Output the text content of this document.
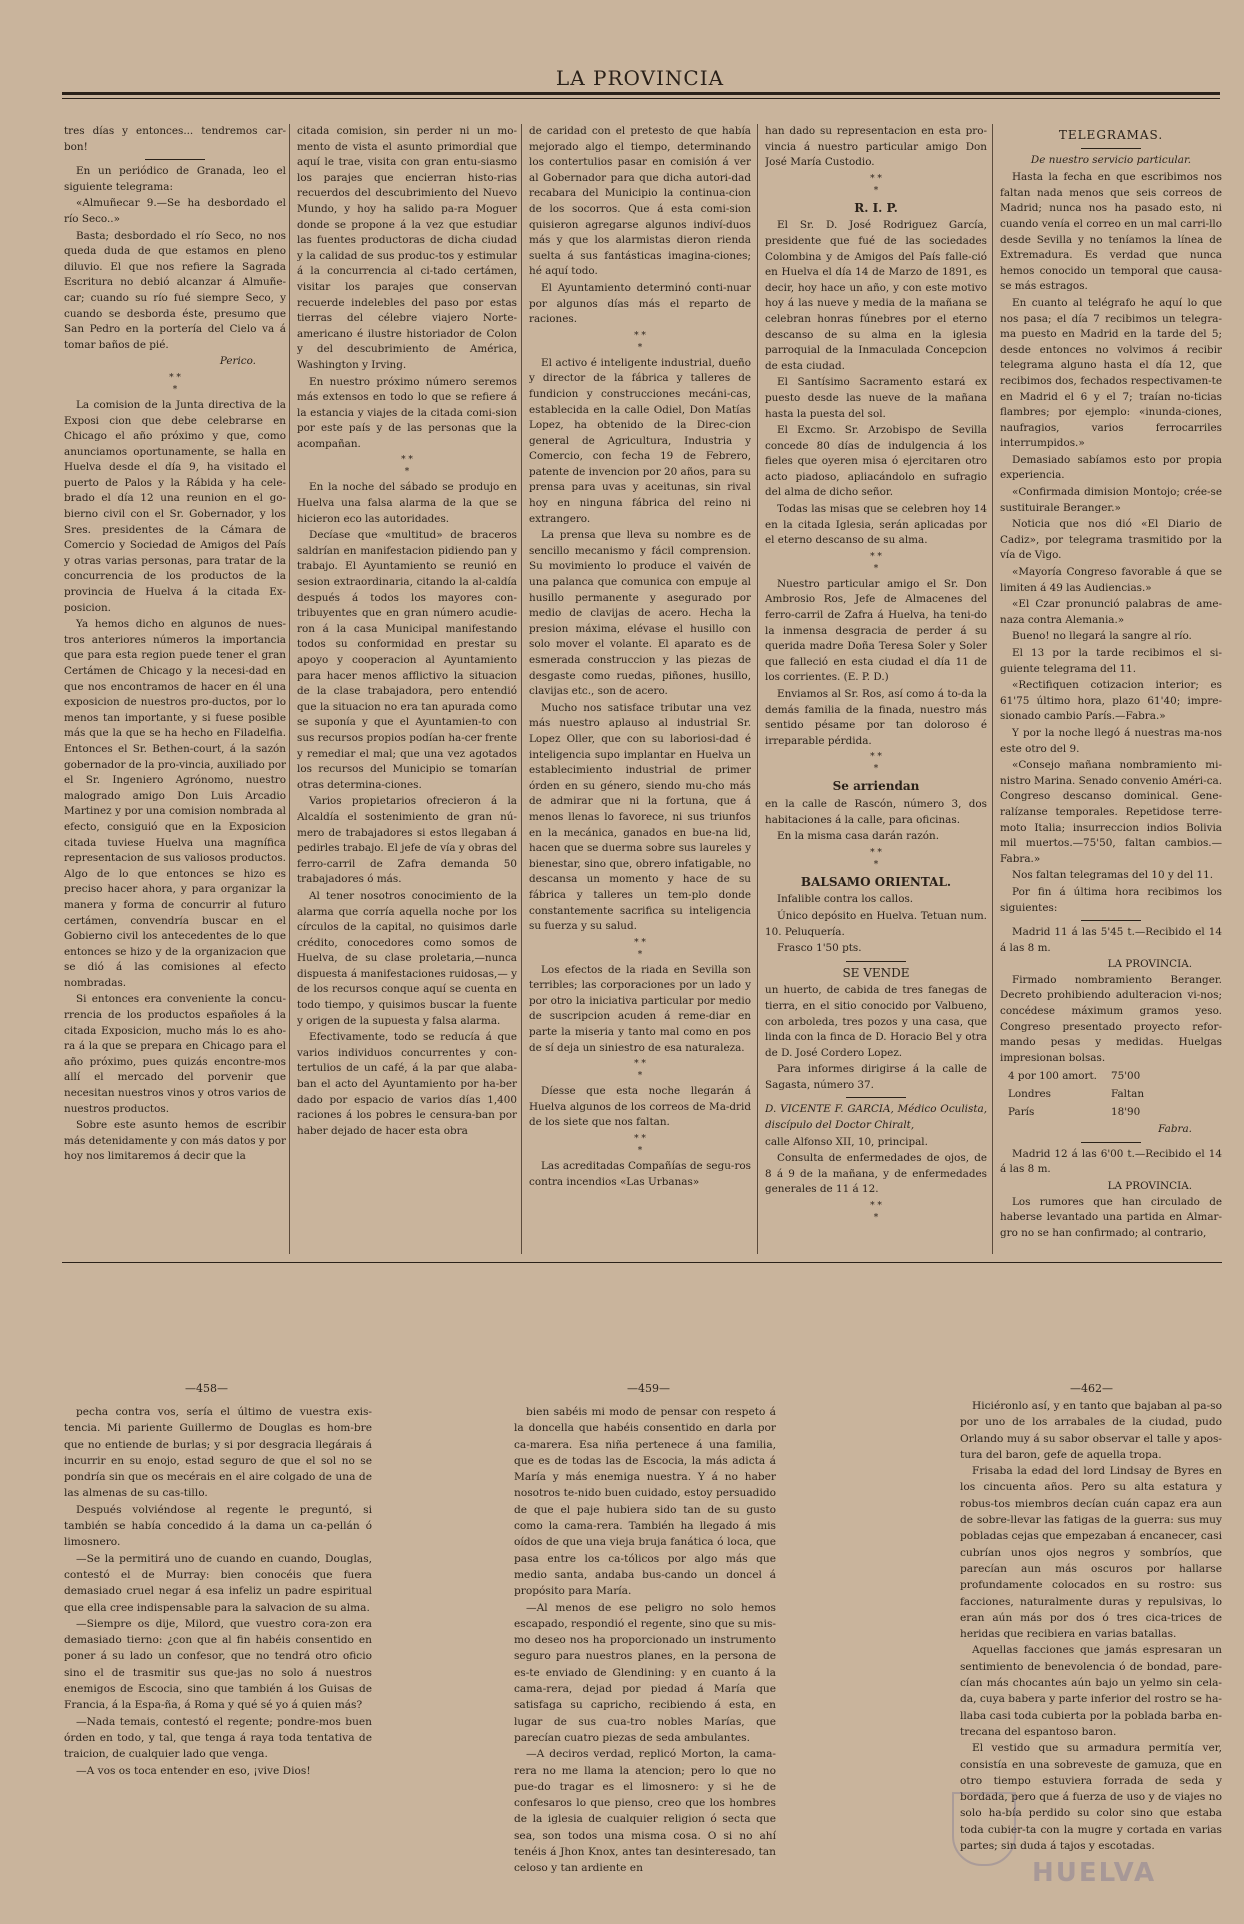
LA PROVINCIA

tres días y entonces... tendremos car-bon!

En un periódico de Granada, leo el siguiente telegrama:

«Almuñecar 9.—Se ha desbordado el río Seco..»

Basta; desbordado el río Seco, no nos queda duda de que estamos en pleno diluvio. El que nos refiere la Sagrada Escritura no debió alcanzar á Almuñe-car; cuando su río fué siempre Seco, y cuando se desborda éste, presumo que San Pedro en la portería del Cielo va á tomar baños de pié.

Perico.
* *
*

La comision de la Junta directiva de la Exposi cion que debe celebrarse en Chicago el año próximo y que, como anunciamos oportunamente, se halla en Huelva desde el día 9, ha visitado el puerto de Palos y la Rábida y ha cele-brado el día 12 una reunion en el go-bierno civil con el Sr. Gobernador, y los Sres. presidentes de la Cámara de Comercio y Sociedad de Amigos del País y otras varias personas, para tratar de la concurrencia de los productos de la provincia de Huelva á la citada Ex-posicion.

Ya hemos dicho en algunos de nues-tros anteriores números la importancia que para esta region puede tener el gran Certámen de Chicago y la necesi-dad en que nos encontramos de hacer en él una exposicion de nuestros pro-ductos, por lo menos tan importante, y si fuese posible más que la que se ha hecho en Filadelfia. Entonces el Sr. Bethen-court, á la sazón gobernador de la pro-vincia, auxiliado por el Sr. Ingeniero Agrónomo, nuestro malogrado amigo Don Luis Arcadio Martinez y por una comision nombrada al efecto, consiguió que en la Exposicion citada tuviese Huelva una magnífica representacion de sus valiosos productos. Algo de lo que entonces se hizo es preciso hacer ahora, y para organizar la manera y forma de concurrir al futuro certámen, convendría buscar en el Gobierno civil los antecedentes de lo que entonces se hizo y de la organizacion que se dió á las comisiones al efecto nombradas.

Si entonces era conveniente la concu-rrencia de los productos españoles á la citada Exposicion, mucho más lo es aho-ra á la que se prepara en Chicago para el año próximo, pues quizás encontre-mos allí el mercado del porvenir que necesitan nuestros vinos y otros varios de nuestros productos.

Sobre este asunto hemos de escribir más detenidamente y con más datos y por hoy nos limitaremos á decir que la

citada comision, sin perder ni un mo-mento de vista el asunto primordial que aquí le trae, visita con gran entu-siasmo los parajes que encierran histo-rias recuerdos del descubrimiento del Nuevo Mundo, y hoy ha salido pa-ra Moguer donde se propone á la vez que estudiar las fuentes productoras de dicha ciudad y la calidad de sus produc-tos y estimular á la concurrencia al ci-tado certámen, visitar los parajes que conservan recuerde indelebles del paso por estas tierras del célebre viajero Norte-americano é ilustre historiador de Colon y del descubrimiento de América, Washington y Irving.

En nuestro próximo número seremos más extensos en todo lo que se refiere á la estancia y viajes de la citada comi-sion por este país y de las personas que la acompañan.

* *
*

En la noche del sábado se produjo en Huelva una falsa alarma de la que se hicieron eco las autoridades.

Decíase que «multitud» de braceros saldrían en manifestacion pidiendo pan y trabajo. El Ayuntamiento se reunió en sesion extraordinaria, citando la al-caldía después á todos los mayores con-tribuyentes que en gran número acudie-ron á la casa Municipal manifestando todos su conformidad en prestar su apoyo y cooperacion al Ayuntamiento para hacer menos afflictivo la situacion de la clase trabajadora, pero entendió que la situacion no era tan apurada como se suponía y que el Ayuntamien-to con sus recursos propios podían ha-cer frente y remediar el mal; que una vez agotados los recursos del Municipio se tomarían otras determina-ciones.

Varios propietarios ofrecieron á la Alcaldía el sostenimiento de gran nú-mero de trabajadores si estos llegaban á pedirles trabajo. El jefe de vía y obras del ferro-carril de Zafra demanda 50 trabajadores ó más.

Al tener nosotros conocimiento de la alarma que corría aquella noche por los círculos de la capital, no quisimos darle crédito, conocedores como somos de Huelva, de su clase proletaria,—nunca dispuesta á manifestaciones ruidosas,— y de los recursos conque aquí se cuenta en todo tiempo, y quisimos buscar la fuente y origen de la supuesta y falsa alarma.

Efectivamente, todo se reducía á que varios individuos concurrentes y con-tertulios de un café, á la par que alaba-ban el acto del Ayuntamiento por ha-ber dado por espacio de varios días 1,400 raciones á los pobres le censura-ban por haber dejado de hacer esta obra

de caridad con el pretesto de que había mejorado algo el tiempo, determinando los contertulios pasar en comisión á ver al Gobernador para que dicha autori-dad recabara del Municipio la continua-cion de los socorros. Que á esta comi-sion quisieron agregarse algunos indiví-duos más y que los alarmistas dieron rienda suelta á sus fantásticas imagina-ciones; hé aquí todo.

El Ayuntamiento determinó conti-nuar por algunos días más el reparto de raciones.

* *
*

El activo é inteligente industrial, dueño y director de la fábrica y talleres de fundicion y construcciones mecáni-cas, establecida en la calle Odiel, Don Matías Lopez, ha obtenido de la Direc-cion general de Agricultura, Industria y Comercio, con fecha 19 de Febrero, patente de invencion por 20 años, para su prensa para uvas y aceitunas, sin rival hoy en ninguna fábrica del reino ni extrangero.

La prensa que lleva su nombre es de sencillo mecanismo y fácil comprension. Su movimiento lo produce el vaivén de una palanca que comunica con empuje al husillo permanente y asegurado por medio de clavijas de acero. Hecha la presion máxima, elévase el husillo con solo mover el volante. El aparato es de esmerada construccion y las piezas de desgaste como ruedas, piñones, husillo, clavijas etc., son de acero.

Mucho nos satisface tributar una vez más nuestro aplauso al industrial Sr. Lopez Oller, que con su laboriosi-dad é inteligencia supo implantar en Huelva un establecimiento industrial de primer órden en su género, siendo mu-cho más de admirar que ni la fortuna, que á menos llenas lo favorece, ni sus triunfos en la mecánica, ganados en bue-na lid, hacen que se duerma sobre sus laureles y bienestar, sino que, obrero infatigable, no descansa un momento y hace de su fábrica y talleres un tem-plo donde constantemente sacrifica su inteligencia su fuerza y su salud.

* *
*

Los efectos de la riada en Sevilla son terribles; las corporaciones por un lado y por otro la iniciativa particular por medio de suscripcion acuden á reme-diar en parte la miseria y tanto mal como en pos de sí deja un siniestro de esa naturaleza.

* *
*

Díesse que esta noche llegarán á Huelva algunos de los correos de Ma-drid de los siete que nos faltan.

* *
*

Las acreditadas Compañías de segu-ros contra incendios «Las Urbanas»

han dado su representacion en esta pro-vincia á nuestro particular amigo Don José María Custodio.

* *
*
R. I. P.

El Sr. D. José Rodriguez García, presidente que fué de las sociedades Colombina y de Amigos del País falle-ció en Huelva el día 14 de Marzo de 1891, es decir, hoy hace un año, y con este motivo hoy á las nueve y media de la mañana se celebran honras fúnebres por el eterno descanso de su alma en la iglesia parroquial de la Inmaculada Concepcion de esta ciudad.

El Santísimo Sacramento estará ex puesto desde las nueve de la mañana hasta la puesta del sol.

El Excmo. Sr. Arzobispo de Sevilla concede 80 días de indulgencia á los fieles que oyeren misa ó ejercitaren otro acto piadoso, apliacándolo en sufragio del alma de dicho señor.

Todas las misas que se celebren hoy 14 en la citada Iglesia, serán aplicadas por el eterno descanso de su alma.

* *
*

Nuestro particular amigo el Sr. Don Ambrosio Ros, Jefe de Almacenes del ferro-carril de Zafra á Huelva, ha teni-do la inmensa desgracia de perder á su querida madre Doña Teresa Soler y Soler que falleció en esta ciudad el día 11 de los corrientes. (E. P. D.)

Enviamos al Sr. Ros, así como á to-da la demás familia de la finada, nuestro más sentido pésame por tan doloroso é irreparable pérdida.

* *
*
Se arriendan

en la calle de Rascón, número 3, dos habitaciones á la calle, para oficinas.

En la misma casa darán razón.

* *
*
BALSAMO ORIENTAL.

Infalible contra los callos.

Único depósito en Huelva. Tetuan num. 10. Peluquería.

Frasco 1'50 pts.

SE VENDE

un huerto, de cabida de tres fanegas de tierra, en el sitio conocido por Valbueno, con arboleda, tres pozos y una casa, que linda con la finca de D. Horacio Bel y otra de D. José Cordero Lopez.

Para informes dirigirse á la calle de Sagasta, número 37.

D. VICENTE F. GARCIA, Médico Oculista, discípulo del Doctor Chiralt,

calle Alfonso XII, 10, principal.

Consulta de enfermedades de ojos, de 8 á 9 de la mañana, y de enfermedades generales de 11 á 12.

* *
*
TELEGRAMAS.
De nuestro servicio particular.

Hasta la fecha en que escribimos nos faltan nada menos que seis correos de Madrid; nunca nos ha pasado esto, ni cuando venía el correo en un mal carri-llo desde Sevilla y no teníamos la línea de Extremadura. Es verdad que nunca hemos conocido un temporal que causa-se más estragos.

En cuanto al telégrafo he aquí lo que nos pasa; el día 7 recibimos un telegra-ma puesto en Madrid en la tarde del 5; desde entonces no volvimos á recibir telegrama alguno hasta el día 12, que recibimos dos, fechados respectivamen-te en Madrid el 6 y el 7; traían no-ticias flambres; por ejemplo: «inunda-ciones, naufragios, varios ferrocarriles interrumpidos.»

Demasiado sabíamos esto por propia experiencia.

«Confirmada dimision Montojo; crée-se sustituirale Beranger.»

Noticia que nos dió «El Diario de Cadiz», por telegrama trasmitido por la vía de Vigo.

«Mayoría Congreso favorable á que se limiten á 49 las Audiencias.»

«El Czar pronunció palabras de ame-naza contra Alemania.»

Bueno! no llegará la sangre al río.

El 13 por la tarde recibimos el si-guiente telegrama del 11.

«Rectifiquen cotizacion interior; es 61'75 último hora, plazo 61'40; impre-sionado cambio París.—Fabra.»

Y por la noche llegó á nuestras ma-nos este otro del 9.

«Consejo mañana nombramiento mi-nistro Marina. Senado convenio Améri-ca. Congreso descanso dominical. Gene-ralízanse temporales. Repetidose terre-moto Italia; insurreccion indios Bolivia mil muertos.—75'50, faltan cambios.— Fabra.»

Nos faltan telegramas del 10 y del 11.

Por fin á última hora recibimos los siguientes:

Madrid 11 á las 5'45 t.—Recibido el 14 á las 8 m.

LA PROVINCIA.

Firmado nombramiento Beranger. Decreto prohibiendo adulteracion vi-nos; concédese máximum gramos yeso. Congreso presentado proyecto refor-mando pesas y medidas. Huelgas impresionan bolsas.

4 por 100 amort.	75'00
Londres	Faltan
París	18'90
Fabra.

Madrid 12 á las 6'00 t.—Recibido el 14 á las 8 m.

LA PROVINCIA.

Los rumores que han circulado de haberse levantado una partida en Almar-gro no se han confirmado; al contrario,

—458—	—459—	—462—

pecha contra vos, sería el último de vuestra exis-tencia. Mi pariente Guillermo de Douglas es hom-bre que no entiende de burlas; y si por desgracia llegárais á incurrir en su enojo, estad seguro de que el sol no se pondría sin que os mecérais en el aire colgado de una de las almenas de su cas-tillo.

Después volviéndose al regente le preguntó, si también se había concedido á la dama un ca-pellán ó limosnero.

—Se la permitirá uno de cuando en cuando, Douglas, contestó el de Murray: bien conocéis que fuera demasiado cruel negar á esa infeliz un padre espiritual que ella cree indispensable para la salvacion de su alma.

—Siempre os dije, Milord, que vuestro cora-zon era demasiado tierno: ¿con que al fin habéis consentido en poner á su lado un confesor, que no tendrá otro oficio sino el de trasmitir sus que-jas no solo á nuestros enemigos de Escocia, sino que también á los Guisas de Francia, á la Espa-ña, á Roma y qué sé yo á quien más?

—Nada temais, contestó el regente; pondre-mos buen órden en todo, y tal, que tenga á raya toda tentativa de traicion, de cualquier lado que venga.

—A vos os toca entender en eso, ¡vive Dios!

bien sabéis mi modo de pensar con respeto á la doncella que habéis consentido en darla por ca-marera. Esa niña pertenece á una familia, que es de todas las de Escocia, la más adicta á María y más enemiga nuestra. Y á no haber nosotros te-nido buen cuidado, estoy persuadido de que el paje hubiera sido tan de su gusto como la cama-rera. También ha llegado á mis oídos de que una vieja bruja fanática ó loca, que pasa entre los ca-tólicos por algo más que medio santa, andaba bus-cando un doncel á propósito para María.

—Al menos de ese peligro no solo hemos escapado, respondió el regente, sino que su mis-mo deseo nos ha proporcionado un instrumento seguro para nuestros planes, en la persona de es-te enviado de Glendining: y en cuanto á la cama-rera, dejad por piedad á María que satisfaga su capricho, recibiendo á esta, en lugar de sus cua-tro nobles Marías, que parecían cuatro piezas de seda ambulantes.

—A deciros verdad, replicó Morton, la cama-rera no me llama la atencion; pero lo que no pue-do tragar es el limosnero: y si he de confesaros lo que pienso, creo que los hombres de la iglesia de cualquier religion ó secta que sea, son todos una misma cosa. O si no ahí tenéis á Jhon Knox, antes tan desinteresado, tan celoso y tan ardiente en

Hiciéronlo así, y en tanto que bajaban al pa-so por uno de los arrabales de la ciudad, pudo Orlando muy á su sabor observar el talle y apos-tura del baron, gefe de aquella tropa.

Frisaba la edad del lord Lindsay de Byres en los cincuenta años. Pero su alta estatura y robus-tos miembros decían cuán capaz era aun de sobre-llevar las fatigas de la guerra: sus muy pobladas cejas que empezaban á encanecer, casi cubrían unos ojos negros y sombríos, que parecían aun más oscuros por hallarse profundamente colocados en su rostro: sus facciones, naturalmente duras y repulsivas, lo eran aún más por dos ó tres cica-trices de heridas que recibiera en varias batallas.

Aquellas facciones que jamás espresaran un sentimiento de benevolencia ó de bondad, pare-cían más chocantes aún bajo un yelmo sin cela-da, cuya babera y parte inferior del rostro se ha-llaba casi toda cubierta por la poblada barba en-trecana del espantoso baron.

El vestido que su armadura permitía ver, consistía en una sobreveste de gamuza, que en otro tiempo estuviera forrada de seda y bordada, pero que á fuerza de uso y de viajes no solo ha-bía perdido su color sino que estaba toda cubier-ta con la mugre y cortada en varias partes; sin duda á tajos y escotadas.

HUELVA
